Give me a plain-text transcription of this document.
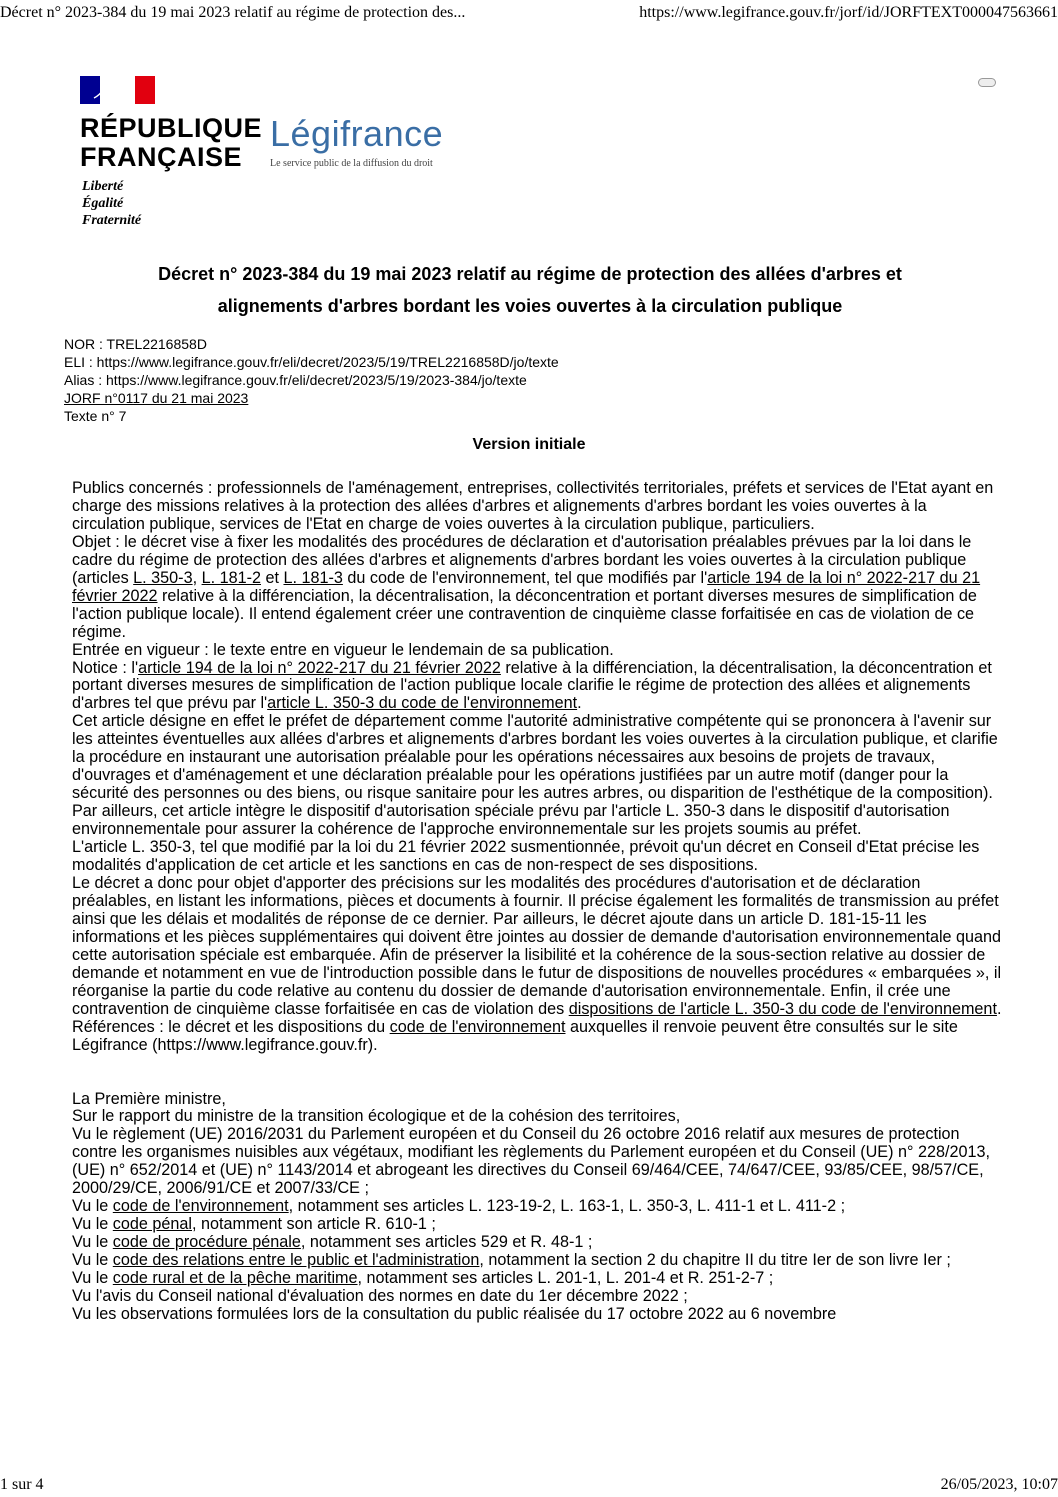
Décret n° 2023-384 du 19 mai 2023 relatif au régime de protection des...	https://www.legifrance.gouv.fr/jorf/id/JORFTEXT000047563661
RÉPUBLIQUE
FRANÇAISE
Liberté
Égalité
Fraternité
Légifrance
Le service public de la diffusion du droit
Décret n° 2023-384 du 19 mai 2023 relatif au régime de protection des allées d'arbres et
alignements d'arbres bordant les voies ouvertes à la circulation publique
NOR : TREL2216858D
ELI : https://www.legifrance.gouv.fr/eli/decret/2023/5/19/TREL2216858D/jo/texte
Alias : https://www.legifrance.gouv.fr/eli/decret/2023/5/19/2023-384/jo/texte
JORF n°0117 du 21 mai 2023
Texte n° 7
Version initiale

Publics concernés : professionnels de l'aménagement, entreprises, collectivités territoriales, préfets et services de l'Etat ayant en charge des missions relatives à la protection des allées d'arbres et alignements d'arbres bordant les voies ouvertes à la circulation publique, services de l'Etat en charge de voies ouvertes à la circulation publique, particuliers.

Objet : le décret vise à fixer les modalités des procédures de déclaration et d'autorisation préalables prévues par la loi dans le cadre du régime de protection des allées d'arbres et alignements d'arbres bordant les voies ouvertes à la circulation publique (articles L. 350-3, L. 181-2 et L. 181-3 du code de l'environnement, tel que modifiés par l'article 194 de la loi n° 2022-217 du 21 février 2022 relative à la différenciation, la décentralisation, la déconcentration et portant diverses mesures de simplification de l'action publique locale). Il entend également créer une contravention de cinquième classe forfaitisée en cas de violation de ce régime.

Entrée en vigueur : le texte entre en vigueur le lendemain de sa publication.

Notice : l'article 194 de la loi n° 2022-217 du 21 février 2022 relative à la différenciation, la décentralisation, la déconcentration et portant diverses mesures de simplification de l'action publique locale clarifie le régime de protection des allées et alignements d'arbres tel que prévu par l'article L. 350-3 du code de l'environnement.

Cet article désigne en effet le préfet de département comme l'autorité administrative compétente qui se prononcera à l'avenir sur les atteintes éventuelles aux allées d'arbres et alignements d'arbres bordant les voies ouvertes à la circulation publique, et clarifie la procédure en instaurant une autorisation préalable pour les opérations nécessaires aux besoins de projets de travaux, d'ouvrages et d'aménagement et une déclaration préalable pour les opérations justifiées par un autre motif (danger pour la sécurité des personnes ou des biens, ou risque sanitaire pour les autres arbres, ou disparition de l'esthétique de la composition). Par ailleurs, cet article intègre le dispositif d'autorisation spéciale prévu par l'article L. 350-3 dans le dispositif d'autorisation environnementale pour assurer la cohérence de l'approche environnementale sur les projets soumis au préfet.

L'article L. 350-3, tel que modifié par la loi du 21 février 2022 susmentionnée, prévoit qu'un décret en Conseil d'Etat précise les modalités d'application de cet article et les sanctions en cas de non-respect de ses dispositions.

Le décret a donc pour objet d'apporter des précisions sur les modalités des procédures d'autorisation et de déclaration préalables, en listant les informations, pièces et documents à fournir. Il précise également les formalités de transmission au préfet ainsi que les délais et modalités de réponse de ce dernier. Par ailleurs, le décret ajoute dans un article D. 181-15-11 les informations et les pièces supplémentaires qui doivent être jointes au dossier de demande d'autorisation environnementale quand cette autorisation spéciale est embarquée. Afin de préserver la lisibilité et la cohérence de la sous-section relative au dossier de demande et notamment en vue de l'introduction possible dans le futur de dispositions de nouvelles procédures « embarquées », il réorganise la partie du code relative au contenu du dossier de demande d'autorisation environnementale. Enfin, il crée une contravention de cinquième classe forfaitisée en cas de violation des dispositions de l'article L. 350-3 du code de l'environnement.

Références : le décret et les dispositions du code de l'environnement auxquelles il renvoie peuvent être consultés sur le site Légifrance (https://www.legifrance.gouv.fr).

La Première ministre,

Sur le rapport du ministre de la transition écologique et de la cohésion des territoires,

Vu le règlement (UE) 2016/2031 du Parlement européen et du Conseil du 26 octobre 2016 relatif aux mesures de protection contre les organismes nuisibles aux végétaux, modifiant les règlements du Parlement européen et du Conseil (UE) n° 228/2013, (UE) n° 652/2014 et (UE) n° 1143/2014 et abrogeant les directives du Conseil 69/464/CEE, 74/647/CEE, 93/85/CEE, 98/57/CE, 2000/29/CE, 2006/91/CE et 2007/33/CE ;

Vu le code de l'environnement, notamment ses articles L. 123-19-2, L. 163-1, L. 350-3, L. 411-1 et L. 411-2 ;

Vu le code pénal, notamment son article R. 610-1 ;

Vu le code de procédure pénale, notamment ses articles 529 et R. 48-1 ;

Vu le code des relations entre le public et l'administration, notamment la section 2 du chapitre II du titre Ier de son livre Ier ;

Vu le code rural et de la pêche maritime, notamment ses articles L. 201-1, L. 201-4 et R. 251-2-7 ;

Vu l'avis du Conseil national d'évaluation des normes en date du 1er décembre 2022 ;

Vu les observations formulées lors de la consultation du public réalisée du 17 octobre 2022 au 6 novembre

1 sur 4	26/05/2023, 10:07
